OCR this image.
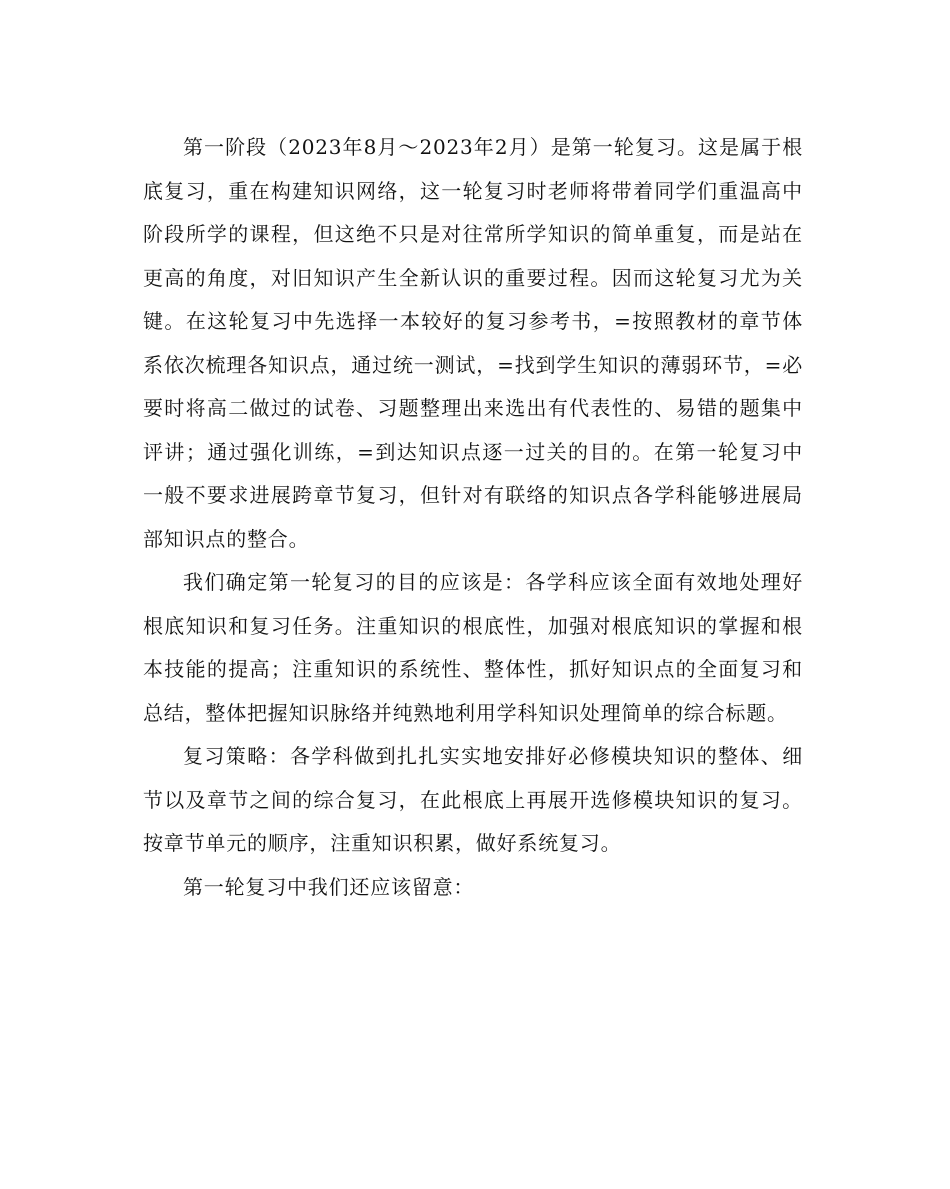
第一阶段（2023年8月～2023年2月）是第一轮复习。这是属于根底复习，重在构建知识网络，这一轮复习时老师将带着同学们重温高中阶段所学的课程，但这绝不只是对往常所学知识的简单重复，而是站在更高的角度，对旧知识产生全新认识的重要过程。因而这轮复习尤为关键。在这轮复习中先选择一本较好的复习参考书，=按照教材的章节体系依次梳理各知识点，通过统一测试，=找到学生知识的薄弱环节，=必要时将高二做过的试卷、习题整理出来选出有代表性的、易错的题集中评讲；通过强化训练，=到达知识点逐一过关的目的。在第一轮复习中一般不要求进展跨章节复习，但针对有联络的知识点各学科能够进展局部知识点的整合。

我们确定第一轮复习的目的应该是：各学科应该全面有效地处理好根底知识和复习任务。注重知识的根底性，加强对根底知识的掌握和根本技能的提高；注重知识的系统性、整体性，抓好知识点的全面复习和总结，整体把握知识脉络并纯熟地利用学科知识处理简单的综合标题。

复习策略：各学科做到扎扎实实地安排好必修模块知识的整体、细节以及章节之间的综合复习，在此根底上再展开选修模块知识的复习。按章节单元的顺序，注重知识积累，做好系统复习。

第一轮复习中我们还应该留意：
